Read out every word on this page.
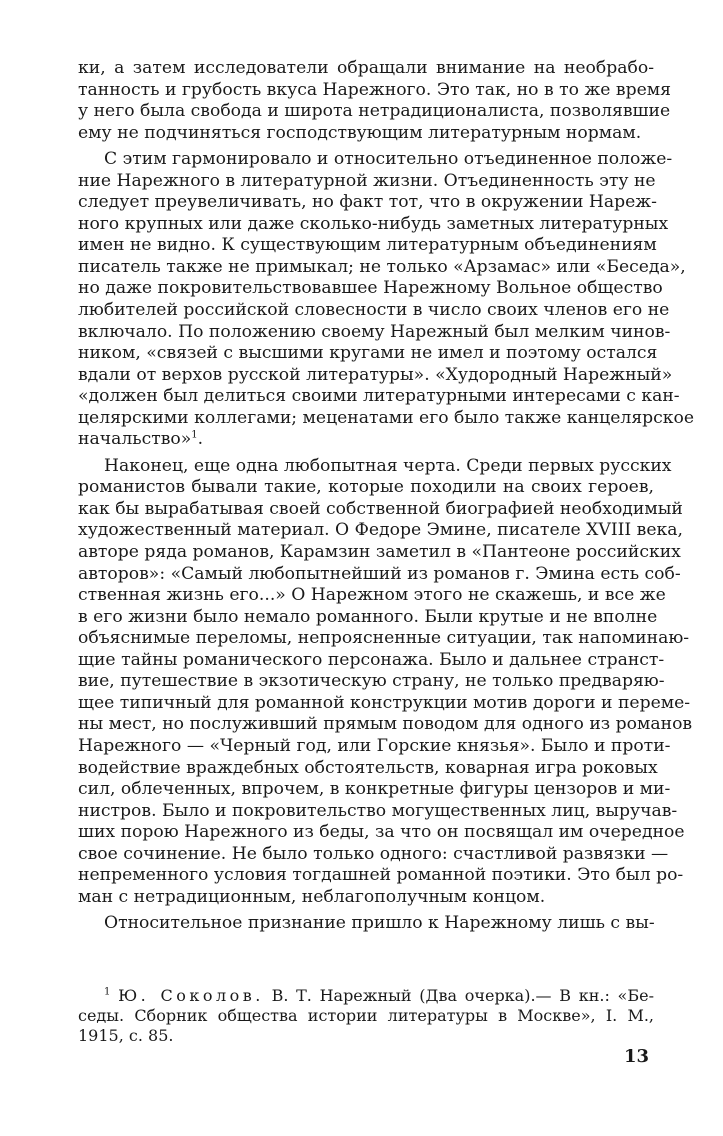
ки, а затем исследователи обращали внимание на необрабо-
танность и грубость вкуса Нарежного. Это так, но в то же время
у него была свобода и широта нетрадиционалиста, позволявшие
ему не подчиняться господствующим литературным нормам.
С этим гармонировало и относительно отъединенное положе-
ние Нарежного в литературной жизни. Отъединенность эту не
следует преувеличивать, но факт тот, что в окружении Нареж-
ного крупных или даже сколько-нибудь заметных литературных
имен не видно. К существующим литературным объединениям
писатель также не примыкал; не только «Арзамас» или «Беседа»,
но даже покровительствовавшее Нарежному Вольное общество
любителей российской словесности в число своих членов его не
включало. По положению своему Нарежный был мелким чинов-
ником, «связей с высшими кругами не имел и поэтому остался
вдали от верхов русской литературы». «Худородный Нарежный»
«должен был делиться своими литературными интересами с кан-
целярскими коллегами; меценатами его было также канцелярское
начальство»$^1$.
Наконец, еще одна любопытная черта. Среди первых русских
романистов бывали такие, которые походили на своих героев,
как бы вырабатывая своей собственной биографией необходимый
художественный материал. О Федоре Эмине, писателе XVIII века,
авторе ряда романов, Карамзин заметил в «Пантеоне российских
авторов»: «Самый любопытнейший из романов г. Эмина есть соб-
ственная жизнь его...» О Нарежном этого не скажешь, и все же
в его жизни было немало романного. Были крутые и не вполне
объяснимые переломы, непроясненные ситуации, так напоминаю-
щие тайны романического персонажа. Было и дальнее странст-
вие, путешествие в экзотическую страну, не только предваряю-
щее типичный для романной конструкции мотив дороги и переме-
ны мест, но послуживший прямым поводом для одного из романов
Нарежного — «Черный год, или Горские князья». Было и проти-
водействие враждебных обстоятельств, коварная игра роковых
сил, облеченных, впрочем, в конкретные фигуры цензоров и ми-
нистров. Было и покровительство могущественных лиц, выручав-
ших порою Нарежного из беды, за что он посвящал им очередное
свое сочинение. Не было только одного: счастливой развязки —
непременного условия тогдашней романной поэтики. Это был ро-
ман с нетрадиционным, неблагополучным концом.
Относительное признание пришло к Нарежному лишь с вы-
$^1$ Ю. Соколов. В. Т. Нарежный (Два очерка).— В кн.: «Бе-
седы. Сборник общества истории литературы в Москве», I. М.,
1915, с. 85.
13
